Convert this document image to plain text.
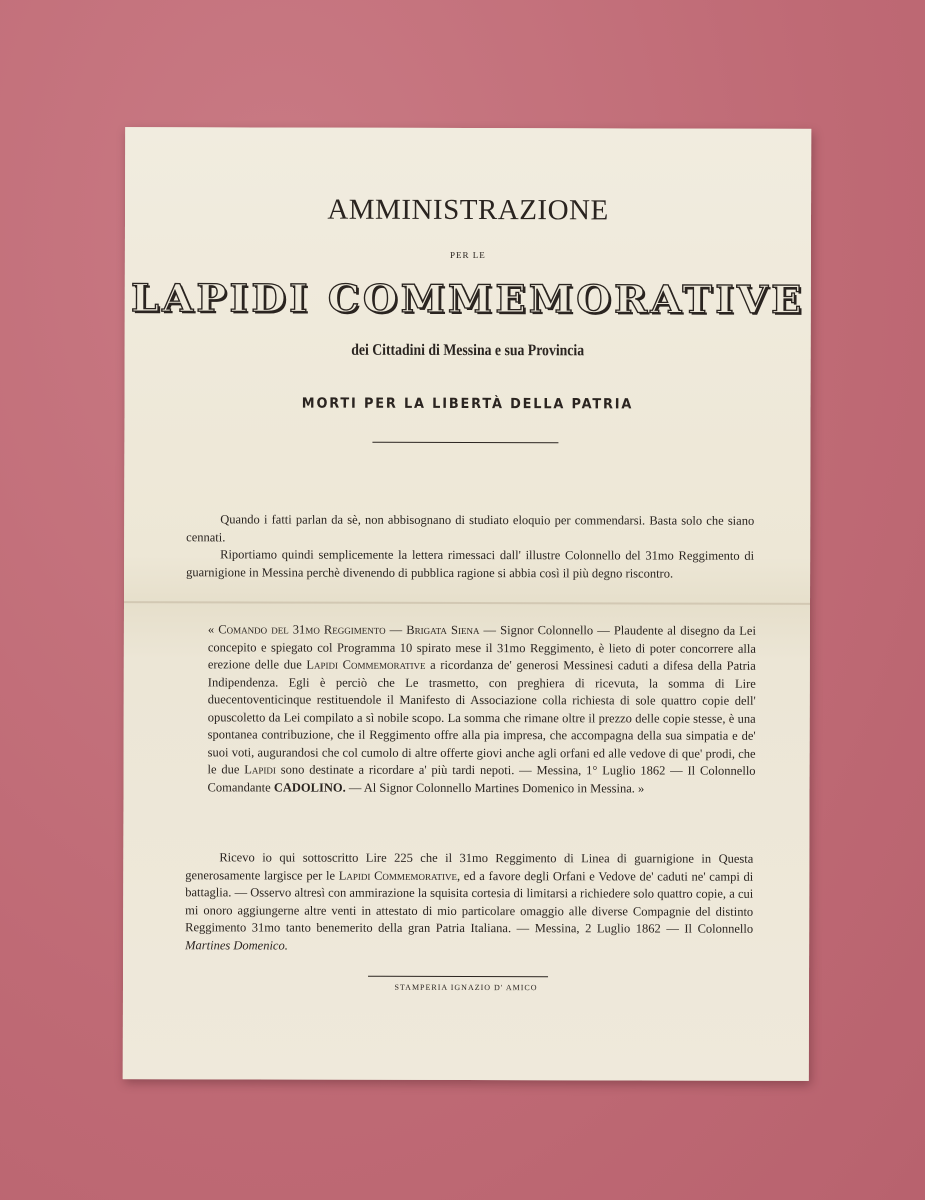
AMMINISTRAZIONE
PER LE
LAPIDI COMMEMORATIVE
dei Cittadini di Messina e sua Provincia
MORTI PER LA LIBERTÀ DELLA PATRIA

Quando i fatti parlan da sè, non abbisognano di studiato eloquio per commendarsi. Basta solo che siano cennati.

Riportiamo quindi semplicemente la lettera rimessaci dall' illustre Colonnello del 31mo Reggimento di guarnigione in Messina perchè divenendo di pubblica ragione si abbia così il più degno riscontro.

« Comando del 31mo Reggimento — Brigata Siena — Signor Colonnello — Plaudente al disegno da Lei concepito e spiegato col Programma 10 spirato mese il 31mo Reggimento, è lieto di poter concorrere alla erezione delle due Lapidi Commemorative a ricordanza de' generosi Messinesi caduti a difesa della Patria Indipendenza. Egli è perciò che Le trasmetto, con preghiera di ricevuta, la somma di Lire duecentoventicinque restituendole il Manifesto di Associazione colla richiesta di sole quattro copie dell' opuscoletto da Lei compilato a sì nobile scopo. La somma che rimane oltre il prezzo delle copie stesse, è una spontanea contribuzione, che il Reggimento offre alla pia impresa, che accompagna della sua simpatia e de' suoi voti, augurandosi che col cumolo di altre offerte giovi anche agli orfani ed alle vedove di que' prodi, che le due Lapidi sono destinate a ricordare a' più tardi nepoti. — Messina, 1° Luglio 1862 — Il Colonnello Comandante CADOLINO. — Al Signor Colonnello Martines Domenico in Messina. »

Ricevo io qui sottoscritto Lire 225 che il 31mo Reggimento di Linea di guarnigione in Questa generosamente largisce per le Lapidi Commemorative, ed a favore degli Orfani e Vedove de' caduti ne' campi di battaglia. — Osservo altresì con ammirazione la squisita cortesia di limitarsi a richiedere solo quattro copie, a cui mi onoro aggiungerne altre venti in attestato di mio particolare omaggio alle diverse Compagnie del distinto Reggimento 31mo tanto benemerito della gran Patria Italiana. — Messina, 2 Luglio 1862 — Il Colonnello Martines Domenico.

STAMPERIA IGNAZIO D' AMICO
